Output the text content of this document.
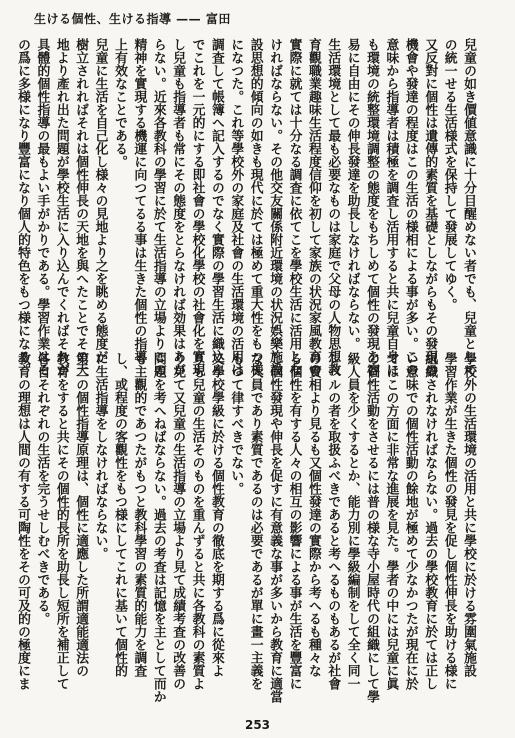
生ける個性、生ける指導 —— 富田
兒童の如き價値意識に十分目醒めない者でも、兒童として
の統一せる生活様式を保持して發展してゆく。
又反對に個性は遺傳的素質を基礎としながらもその發現の
機會や發達の程度はこの生活の様相による事が多い。この
意味から指導者は積極を調査し活用すると共に兒童自身に
も環境の統整環境調整の態度をもちしめて個性の發現を容
易に自由にその伸長發達を助長しなければならない。
生活環境として最も必要なものは家庭で父母の人物思想教
育觀職業趣味生活程度信仰を初して家族の状況家風教育の
實際に就ては十分なる調査に依てこを學校生活に活用しな
ければならない。その他交友關係附近環境の状況娯樂施設
設思想的傾向の如きも現代に於ては極めて重大性をもつ様
になつた。これ等學校外の家庭及社會の生活環境の活用は
調査して帳簿へ記入するのでなく實際の學習生活に織込ん
でこれを一元的にする即社會の學校化學校の社會化を實現
し兒童も指導者も常にその態度をとらなければ効果はあが
らない。近來各教科の學習に於て生活指導の立場よりこの
精神を實現する機運に向つてるる事は生きた個性の指導
上有效なことである。
兒童に生活を自己化し様々の見地より之を眺める態度が
樹立されればそれは個性伸長の天地を與へたことでその天
地より產れ出た問題が學校生活に入り込んでくればそれが
具體的個性指導の最もよい手がかりである。學習作業はそ
の爲に多様になり豐富になり個人的特色をもつ様になる。
學校外の生活環境の活用と共に學校に於ける雰圍氣施設
學習作業が生きた個性の發見を促し個性伸長を助ける様に
組織されなければならない。過去の學校教育に於ては正し
い意味での個性活動の餘地が極めて少なかつたが現在に於
てはこの方面に非常な進展を見た。學者の中には兒童に眞
の個性活動をさせるには普の様な寺小屋時代の組織にして學
級人員を少くするとか、能力別に學級編制をして全く同一
レベルの者を取扱ふべきであると考へるものもあるが社會
の實相より見るも又個性發達の實際から考へるも種々な
る個性を有する人々の相互の影響による事が生活を豐富に
し個性發現や伸長を促すに有意義な事が多いから教育に適當
な人員であり素質であるのは必要であるが單に畫一主義を
もつて律すべきでない。
又學校學級に於ける個性教育の徹底を期する爲に從來よ
りも兒童の生活そのものを重んずると共に各教科の素質よ
り見て又兒童の生活指導の立場より見て成績考査の改善の
問題を考へねばならない。過去の考査は記憶を主として而か
も主觀的であつたがもつと教科學習の素質的能力を調査
し、或程度の客觀性をもつ様にしてこれに基いて個性的
に生活指導をしなければならない。
第二の個性指導原理は、個性に適應した所謂適能適法の
教育をすると共にその個性的長所を助長し短所を補正して
各自それぞれの生活を完うせしむべきである。
教育の理想は人間の有する可陶性をその可及的の極度にま
253
